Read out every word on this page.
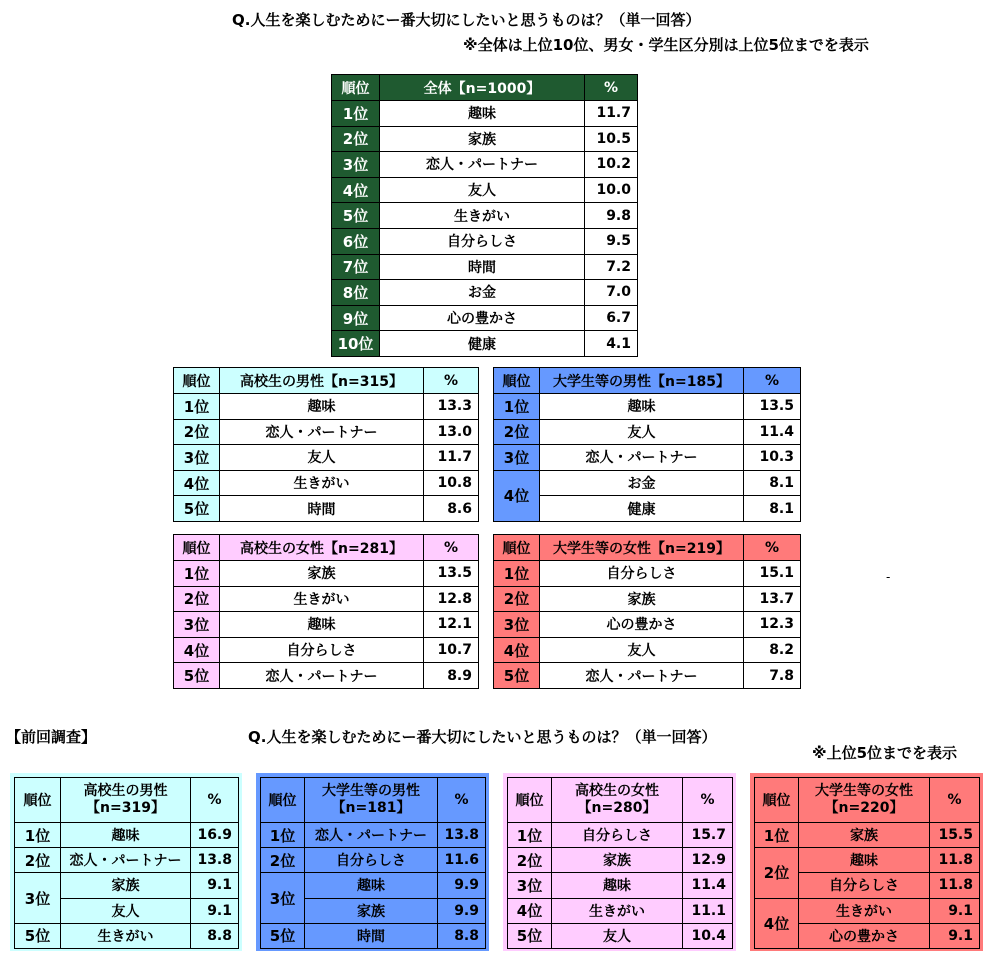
Q.人生を楽しむためにー番大切にしたいと思うものは？（単一回答）
※全体は上位10位、男女・学生区分別は上位5位までを表示
順位	全体【n=1000】	%
1位	趣味	11.7
2位	家族	10.5
3位	恋人・パートナー	10.2
4位	友人	10.0
5位	生きがい	9.8
6位	自分らしさ	9.5
7位	時間	7.2
8位	お金	7.0
9位	心の豊かさ	6.7
10位	健康	4.1
順位	高校生の男性【n=315】	%
1位	趣味	13.3
2位	恋人・パートナー	13.0
3位	友人	11.7
4位	生きがい	10.8
5位	時間	8.6
順位	大学生等の男性【n=185】	%
1位	趣味	13.5
2位	友人	11.4
3位	恋人・パートナー	10.3
4位	お金	8.1
	健康	8.1
順位	高校生の女性【n=281】	%
1位	家族	13.5
2位	生きがい	12.8
3位	趣味	12.1
4位	自分らしさ	10.7
5位	恋人・パートナー	8.9
順位	大学生等の女性【n=219】	%
1位	自分らしさ	15.1
2位	家族	13.7
3位	心の豊かさ	12.3
4位	友人	8.2
5位	恋人・パートナー	7.8
-
【前回調査】	Q.人生を楽しむためにー番大切にしたいと思うものは？（単一回答）
※上位5位までを表示
順位	高校生の男性
【n=319】	%
1位	趣味	16.9
2位	恋人・パートナー	13.8
3位	家族	9.1
	友人	9.1
5位	生きがい	8.8
順位	大学生等の男性
【n=181】	%
1位	恋人・パートナー	13.8
2位	自分らしさ	11.6
3位	趣味	9.9
	家族	9.9
5位	時間	8.8
順位	高校生の女性
【n=280】	%
1位	自分らしさ	15.7
2位	家族	12.9
3位	趣味	11.4
4位	生きがい	11.1
5位	友人	10.4
順位	大学生等の女性
【n=220】	%
1位	家族	15.5
2位	趣味	11.8
	自分らしさ	11.8
4位	生きがい	9.1
	心の豊かさ	9.1
